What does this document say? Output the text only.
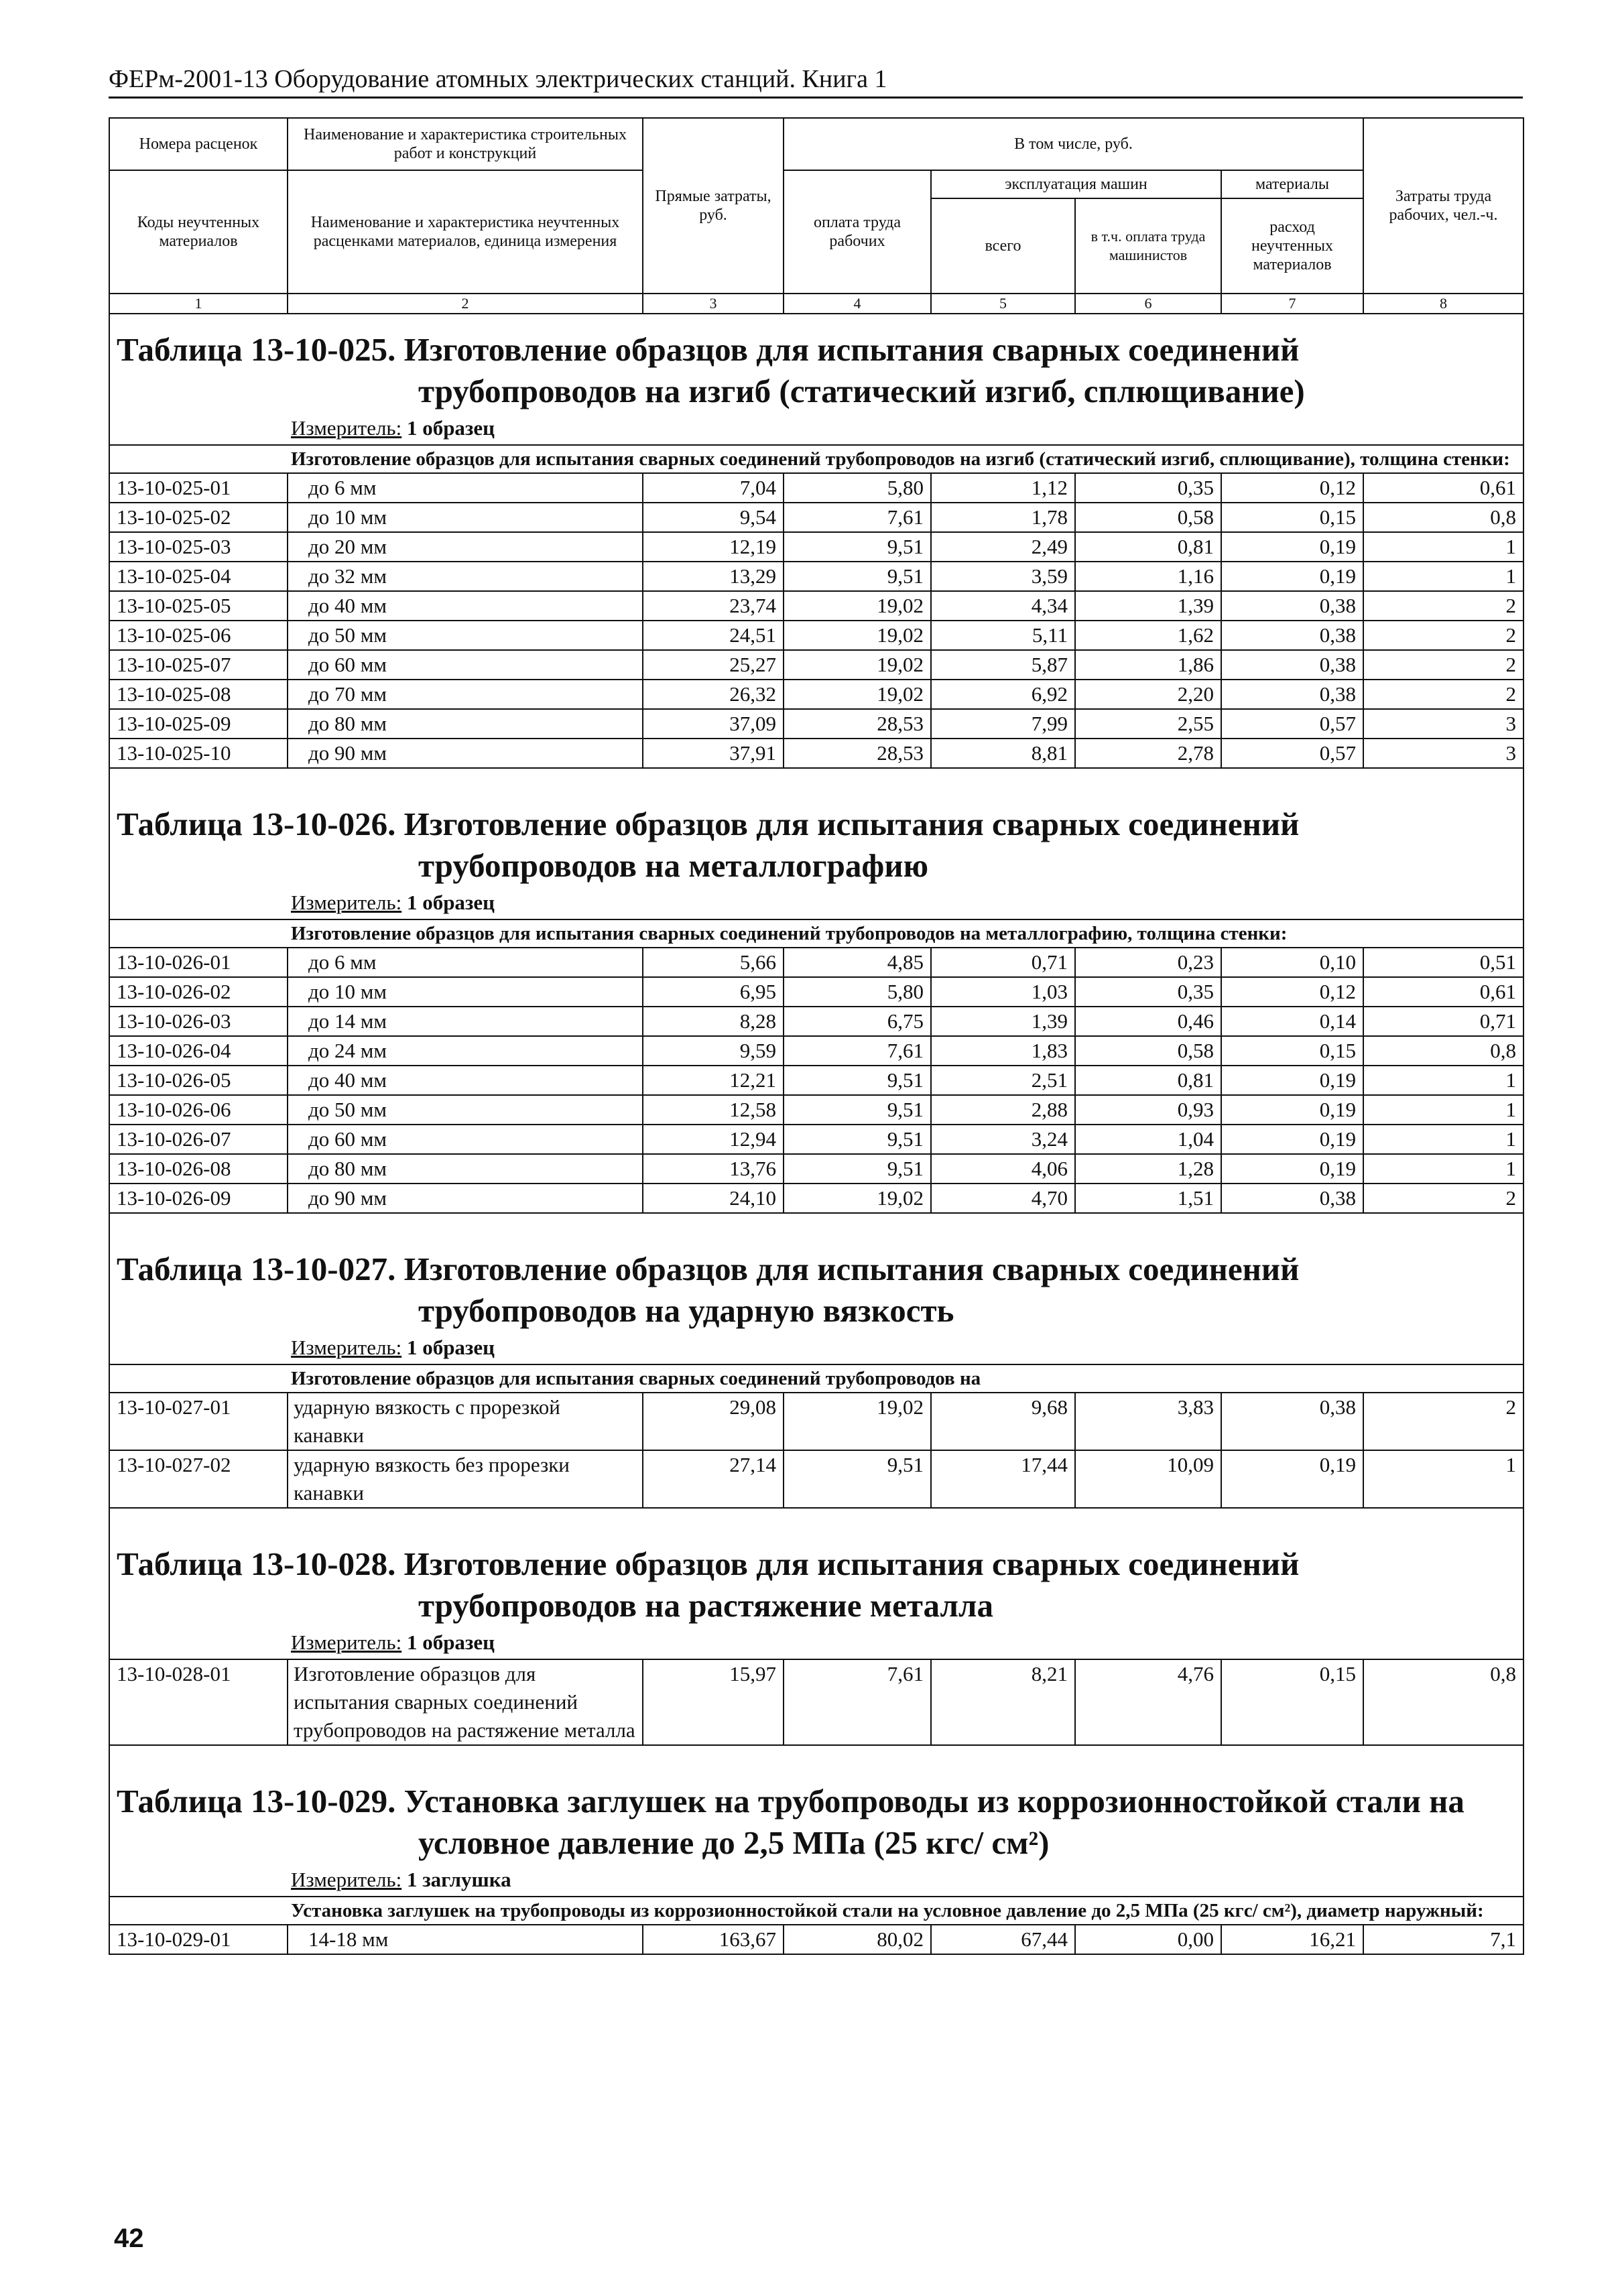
ФЕРм-2001-13 Оборудование атомных электрических станций. Книга 1
Номера расценок	Наименование и характеристика строительных работ и конструкций	Прямые затраты, руб.	В том числе, руб.				Затраты труда рабочих, чел.-ч.
Коды неучтенных материалов	Наименование и характеристика неучтенных расценками материалов, единица измерения		оплата труда рабочих	эксплуатация машин		материалы	
				всего	в т.ч. оплата труда машинистов	расход неучтенных материалов	
1	2	3	4	5	6	7	8

Таблица 13-10-025. Изготовление образцов для испытания сварных соединений
трубопроводов на изгиб (статический изгиб, сплющивание)							

Измеритель: 1 образец							
Изготовление образцов для испытания сварных соединений трубопроводов на изгиб (статический изгиб, сплющивание), толщина стенки:							
13-10-025-01	до 6 мм	7,04	5,80	1,12	0,35	0,12	0,61
13-10-025-02	до 10 мм	9,54	7,61	1,78	0,58	0,15	0,8
13-10-025-03	до 20 мм	12,19	9,51	2,49	0,81	0,19	1
13-10-025-04	до 32 мм	13,29	9,51	3,59	1,16	0,19	1
13-10-025-05	до 40 мм	23,74	19,02	4,34	1,39	0,38	2
13-10-025-06	до 50 мм	24,51	19,02	5,11	1,62	0,38	2
13-10-025-07	до 60 мм	25,27	19,02	5,87	1,86	0,38	2
13-10-025-08	до 70 мм	26,32	19,02	6,92	2,20	0,38	2
13-10-025-09	до 80 мм	37,09	28,53	7,99	2,55	0,57	3
13-10-025-10	до 90 мм	37,91	28,53	8,81	2,78	0,57	3

Таблица 13-10-026. Изготовление образцов для испытания сварных соединений
трубопроводов на металлографию							

Измеритель: 1 образец							
Изготовление образцов для испытания сварных соединений трубопроводов на металлографию, толщина стенки:							
13-10-026-01	до 6 мм	5,66	4,85	0,71	0,23	0,10	0,51
13-10-026-02	до 10 мм	6,95	5,80	1,03	0,35	0,12	0,61
13-10-026-03	до 14 мм	8,28	6,75	1,39	0,46	0,14	0,71
13-10-026-04	до 24 мм	9,59	7,61	1,83	0,58	0,15	0,8
13-10-026-05	до 40 мм	12,21	9,51	2,51	0,81	0,19	1
13-10-026-06	до 50 мм	12,58	9,51	2,88	0,93	0,19	1
13-10-026-07	до 60 мм	12,94	9,51	3,24	1,04	0,19	1
13-10-026-08	до 80 мм	13,76	9,51	4,06	1,28	0,19	1
13-10-026-09	до 90 мм	24,10	19,02	4,70	1,51	0,38	2

Таблица 13-10-027. Изготовление образцов для испытания сварных соединений
трубопроводов на ударную вязкость							

Измеритель: 1 образец							
Изготовление образцов для испытания сварных соединений трубопроводов на							
13-10-027-01	ударную вязкость с прорезкой канавки	29,08	19,02	9,68	3,83	0,38	2
13-10-027-02	ударную вязкость без прорезки канавки	27,14	9,51	17,44	10,09	0,19	1

Таблица 13-10-028. Изготовление образцов для испытания сварных соединений
трубопроводов на растяжение металла							

Измеритель: 1 образец							
13-10-028-01	Изготовление образцов для испытания сварных соединений трубопроводов на растяжение металла	15,97	7,61	8,21	4,76	0,15	0,8

Таблица 13-10-029. Установка заглушек на трубопроводы из коррозионностойкой стали на
условное давление до 2,5 МПа (25 кгс/ см²)							

Измеритель: 1 заглушка							
Установка заглушек на трубопроводы из коррозионностойкой стали на условное давление до 2,5 МПа (25 кгс/ см²), диаметр наружный:							
13-10-029-01	14-18 мм	163,67	80,02	67,44	0,00	16,21	7,1
42
